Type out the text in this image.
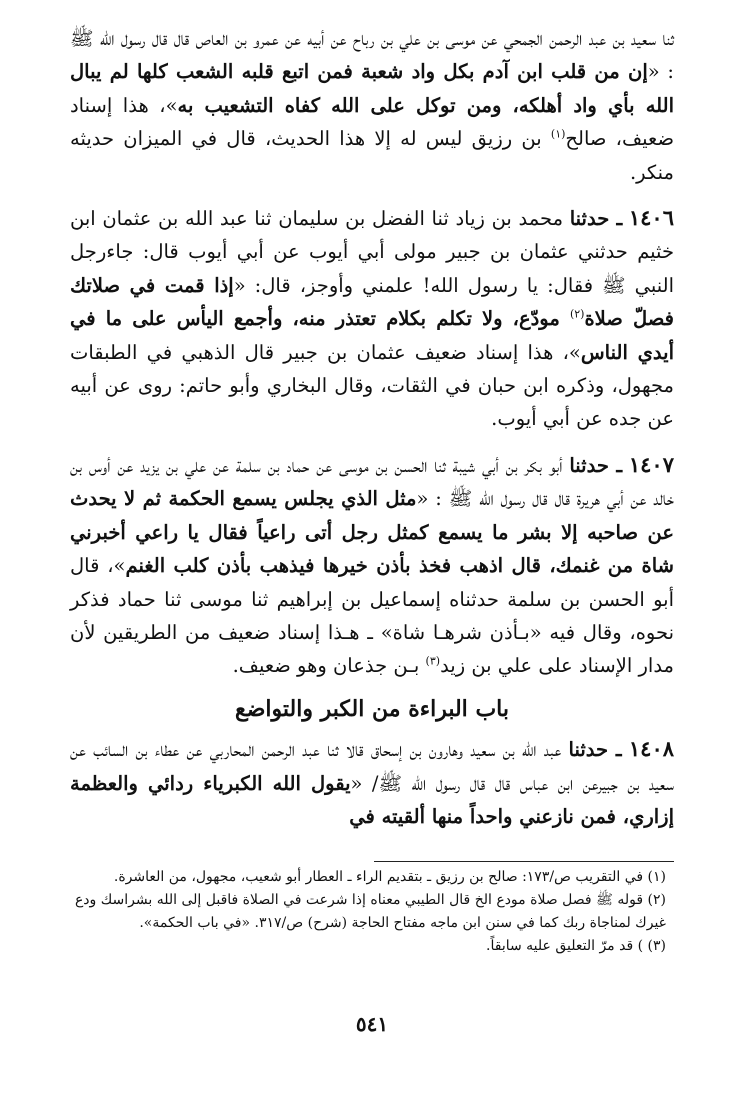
ثنا سعيد بن عبد الرحمن الجمحي عن موسى بن علي بن رباح عن أبيه عن عمرو بن العاص قال قال رسول الله ﷺ : «إن من قلب ابن آدم بكل واد شعبة فمن اتبع قلبه الشعب كلها لم يبال الله بأي واد أهلكه، ومن توكل على الله كفاه التشعيب به»، هذا إسناد ضعيف، صالح$^{(١)}$ بن رزيق ليس له إلا هذا الحديث، قال في الميزان حديثه منكر.

١٤٠٦ ـ حدثنا محمد بن زياد ثنا الفضل بن سليمان ثنا عبد الله بن عثمان ابن خثيم حدثني عثمان بن جبير مولى أبي أيوب عن أبي أيوب قال: جاءرجل النبي ﷺ فقال: يا رسول الله! علمني وأوجز، قال: «إذا قمت في صلاتك فصلّ صلاة$^{(٢)}$ مودّع، ولا تكلم بكلام تعتذر منه، وأجمع اليأس على ما في أيدي الناس»، هذا إسناد ضعيف عثمان بن جبير قال الذهبي في الطبقات مجهول، وذكره ابن حبان في الثقات، وقال البخاري وأبو حاتم: روى عن أبيه عن جده عن أبي أيوب.

١٤٠٧ ـ حدثنا أبو بكر بن أبي شيبة ثنا الحسن بن موسى عن حماد بن سلمة عن علي بن يزيد عن أوس بن خالد عن أبي هريرة قال قال رسول الله ﷺ : «مثل الذي يجلس يسمع الحكمة ثم لا يحدث عن صاحبه إلا بشر ما يسمع كمثل رجل أتى راعياً فقال يا راعي أخبرني شاة من غنمك، قال اذهب فخذ بأذن خيرها فيذهب بأذن كلب الغنم»، قال أبو الحسن بن سلمة حدثناه إسماعيل بن إبراهيم ثنا موسى ثنا حماد فذكر نحوه، وقال فيه «بـأذن شرهـا شاة» ـ هـذا إسناد ضعيف من الطريقين لأن مدار الإسناد على علي بن زيد$^{(٣)}$ بـن جذعان وهو ضعيف.

باب البراءة من الكبر والتواضع

١٤٠٨ ـ حدثنا عبد الله بن سعيد وهارون بن إسحاق قالا ثنا عبد الرحمن المحاربي عن عطاء بن السائب عن سعيد بن جبيرعن ابن عباس قال قال رسول الله ﷺ/ «يقول الله الكبرياء ردائي والعظمة إزاري، فمن نازعني واحداً منها ألقيته في

(١) في التقريب ص/١٧٣: صالح بن رزيق ـ بتقديم الراء ـ العطار أبو شعيب، مجهول، من العاشرة.

(٢) قوله ﷺ فصل صلاة مودع الخ قال الطيبي معناه إذا شرعت في الصلاة فاقبل إلى الله بشراسك ودع غيرك لمناجاة ربك كما في سنن ابن ماجه مفتاح الحاجة (شرح) ص/٣١٧. «في باب الحكمة».

(٣) ) قد مرّ التعليق عليه سابقاً.

٥٤١
